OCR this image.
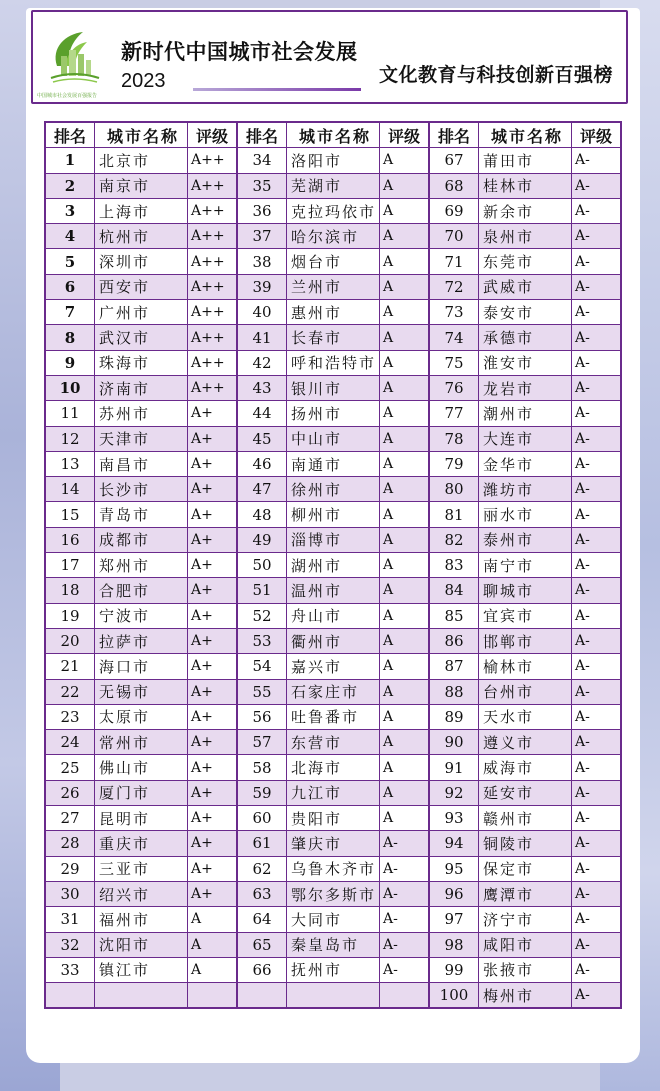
中国城市社会发展百强报告
新时代中国城市社会发展
2023	文化教育与科技创新百强榜
排名	城市名称	评级	排名	城市名称	评级	排名	城市名称	评级
1	北京市	A++	34	洛阳市	A	67	莆田市	A-
2	南京市	A++	35	芜湖市	A	68	桂林市	A-
3	上海市	A++	36	克拉玛依市	A	69	新余市	A-
4	杭州市	A++	37	哈尔滨市	A	70	泉州市	A-
5	深圳市	A++	38	烟台市	A	71	东莞市	A-
6	西安市	A++	39	兰州市	A	72	武威市	A-
7	广州市	A++	40	惠州市	A	73	泰安市	A-
8	武汉市	A++	41	长春市	A	74	承德市	A-
9	珠海市	A++	42	呼和浩特市	A	75	淮安市	A-
10	济南市	A++	43	银川市	A	76	龙岩市	A-
11	苏州市	A+	44	扬州市	A	77	潮州市	A-
12	天津市	A+	45	中山市	A	78	大连市	A-
13	南昌市	A+	46	南通市	A	79	金华市	A-
14	长沙市	A+	47	徐州市	A	80	潍坊市	A-
15	青岛市	A+	48	柳州市	A	81	丽水市	A-
16	成都市	A+	49	淄博市	A	82	泰州市	A-
17	郑州市	A+	50	湖州市	A	83	南宁市	A-
18	合肥市	A+	51	温州市	A	84	聊城市	A-
19	宁波市	A+	52	舟山市	A	85	宜宾市	A-
20	拉萨市	A+	53	衢州市	A	86	邯郸市	A-
21	海口市	A+	54	嘉兴市	A	87	榆林市	A-
22	无锡市	A+	55	石家庄市	A	88	台州市	A-
23	太原市	A+	56	吐鲁番市	A	89	天水市	A-
24	常州市	A+	57	东营市	A	90	遵义市	A-
25	佛山市	A+	58	北海市	A	91	威海市	A-
26	厦门市	A+	59	九江市	A	92	延安市	A-
27	昆明市	A+	60	贵阳市	A	93	赣州市	A-
28	重庆市	A+	61	肇庆市	A-	94	铜陵市	A-
29	三亚市	A+	62	乌鲁木齐市	A-	95	保定市	A-
30	绍兴市	A+	63	鄂尔多斯市	A-	96	鹰潭市	A-
31	福州市	A	64	大同市	A-	97	济宁市	A-
32	沈阳市	A	65	秦皇岛市	A-	98	咸阳市	A-
33	镇江市	A	66	抚州市	A-	99	张掖市	A-
						100	梅州市	A-
